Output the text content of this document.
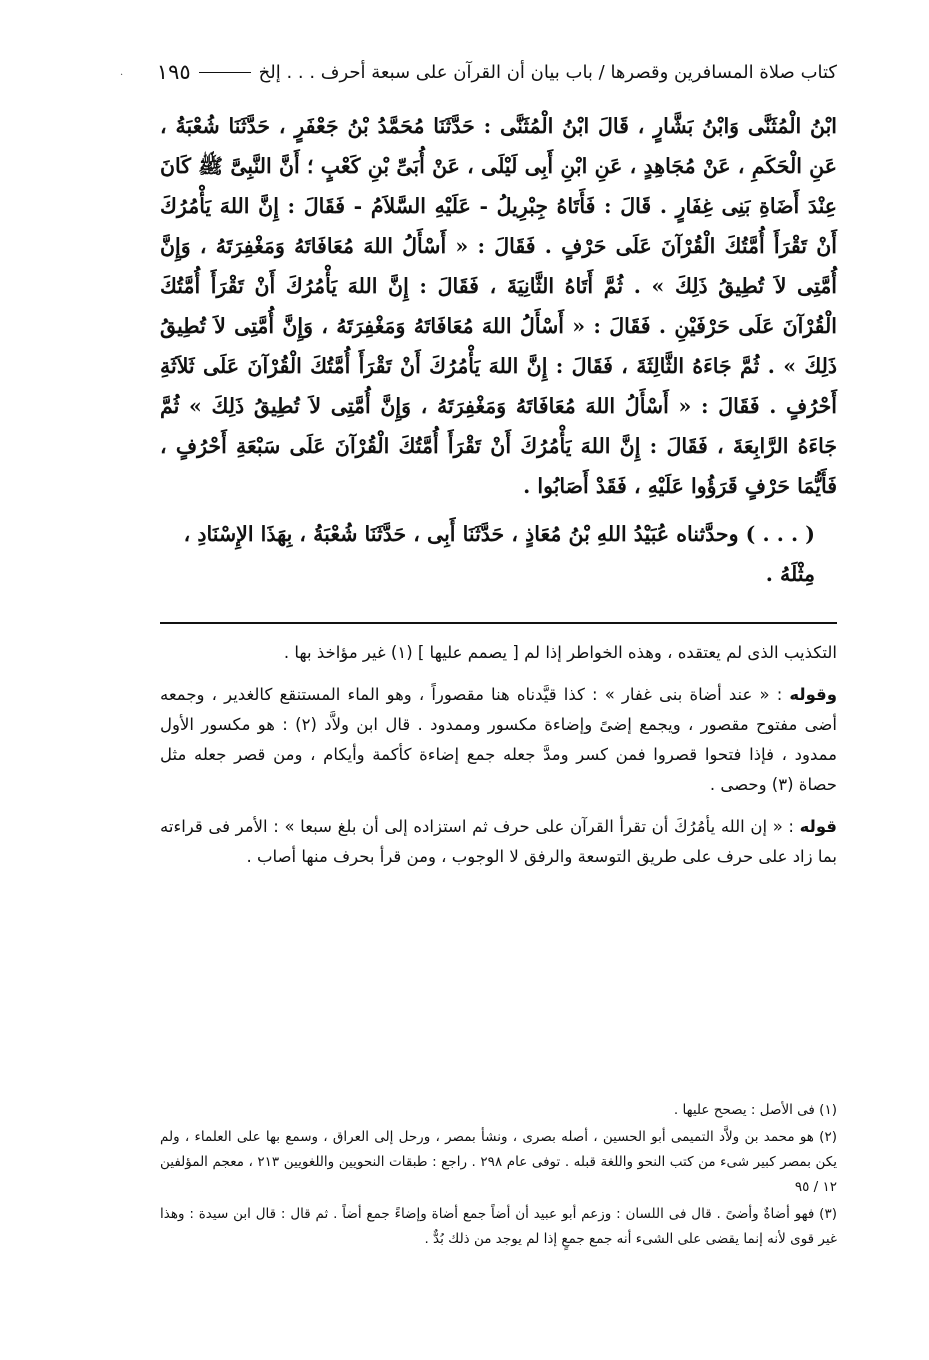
كتاب صلاة المسافرين وقصرها / باب بيان أن القرآن على سبعة أحرف . . . إلخ
١٩٥
·

ابْنُ الْمُثَنَّى وَابْنُ بَشَّارٍ ، قَالَ ابْنُ الْمُثَنَّى : حَدَّثَنَا مُحَمَّدُ بْنُ جَعْفَرٍ ، حَدَّثَنَا شُعْبَةُ ، عَنِ الْحَكَمِ ، عَنْ مُجَاهِدٍ ، عَنِ ابْنِ أَبِى لَيْلَى ، عَنْ أُبَىِّ بْنِ كَعْبٍ ؛ أَنَّ النَّبِىَّ ﷺ كَانَ عِنْدَ أَضَاةِ بَنِى غِفَارٍ . قَالَ : فَأَتَاهُ جِبْرِيلُ - عَلَيْهِ السَّلاَمُ - فَقَالَ : إِنَّ اللهَ يَأْمُرُكَ أَنْ تَقْرَأَ أُمَّتُكَ الْقُرْآنَ عَلَى حَرْفٍ . فَقَالَ : « أَسْأَلُ اللهَ مُعَافَاتَهُ وَمَغْفِرَتَهُ ، وَإِنَّ أُمَّتِى لاَ تُطِيقُ ذَلِكَ » . ثُمَّ أَتَاهُ الثَّانِيَةَ ، فَقَالَ : إِنَّ اللهَ يَأْمُرُكَ أَنْ تَقْرَأَ أُمَّتُكَ الْقُرْآنَ عَلَى حَرْفَيْنِ . فَقَالَ : « أَسْأَلُ اللهَ مُعَافَاتَهُ وَمَغْفِرَتَهُ ، وَإِنَّ أُمَّتِى لاَ تُطِيقُ ذَلِكَ » . ثُمَّ جَاءَهُ الثَّالِثَةَ ، فَقَالَ : إِنَّ اللهَ يَأْمُرُكَ أَنْ تَقْرَأَ أُمَّتُكَ الْقُرْآنَ عَلَى ثَلاَثَةِ أَحْرُفٍ . فَقَالَ : « أَسْأَلُ اللهَ مُعَافَاتَهُ وَمَغْفِرَتَهُ ، وَإِنَّ أُمَّتِى لاَ تُطِيقُ ذَلِكَ » ثُمَّ جَاءَهُ الرَّابِعَةَ ، فَقَالَ : إِنَّ اللهَ يَأْمُرُكَ أَنْ تَقْرَأَ أُمَّتُكَ الْقُرْآنَ عَلَى سَبْعَةِ أَحْرُفٍ ، فَأَيُّمَا حَرْفٍ قَرَؤُوا عَلَيْهِ ، فَقَدْ أَصَابُوا .

( . . . ) وحدَّثناه عُبَيْدُ اللهِ بْنُ مُعَاذٍ ، حَدَّثَنَا أَبِى ، حَدَّثَنَا شُعْبَةُ ، بِهَذَا الإِسْنَادِ ، مِثْلَهُ .

التكذيب الذى لم يعتقده ، وهذه الخواطر إذا لم [ يصمم عليها ] (١) غير مؤاخذ بها .

وقوله : « عند أضاة بنى غفار » : كذا قيَّدناه هنا مقصوراً ، وهو الماء المستنقع كالغدير ، وجمعه أضى مفتوح مقصور ، ويجمع إضىً وإضاءة مكسور وممدود . قال ابن ولاَّد (٢) : هو مكسور الأول ممدود ، فإذا فتحوا قصروا فمن كسر ومدَّ جعله جمع إضاءة كأكمة وأيكام ، ومن قصر جعله مثل حصاة (٣) وحصى .

قوله : « إن الله يأمُرُكَ أن تقرأ القرآن على حرف ثم استزاده إلى أن بلغ سبعا » : الأمر فى قراءته بما زاد على حرف على طريق التوسعة والرفق لا الوجوب ، ومن قرأ بحرف منها أصاب .

(١) فى الأصل : يصحح عليها .

(٢) هو محمد بن ولاَّد التميمى أبو الحسين ، أصله بصرى ، ونشأ بمصر ، ورحل إلى العراق ، وسمع بها على العلماء ، ولم يكن بمصر كبير شىء من كتب النحو واللغة قبله . توفى عام ٢٩٨ . راجع : طبقات النحويين واللغويين ٢١٣ ، معجم المؤلفين ١٢ / ٩٥

(٣) فهو أضاةٌ وأضىً . قال فى اللسان : وزعم أبو عبيد أن أضاً جمع أضاة وإضاءً جمع أضاً . ثم قال : قال ابن سيدة : وهذا غير قوى لأنه إنما يقضى على الشىء أنه جمع جمعٍ إذا لم يوجد من ذلك بُدٌّ .
